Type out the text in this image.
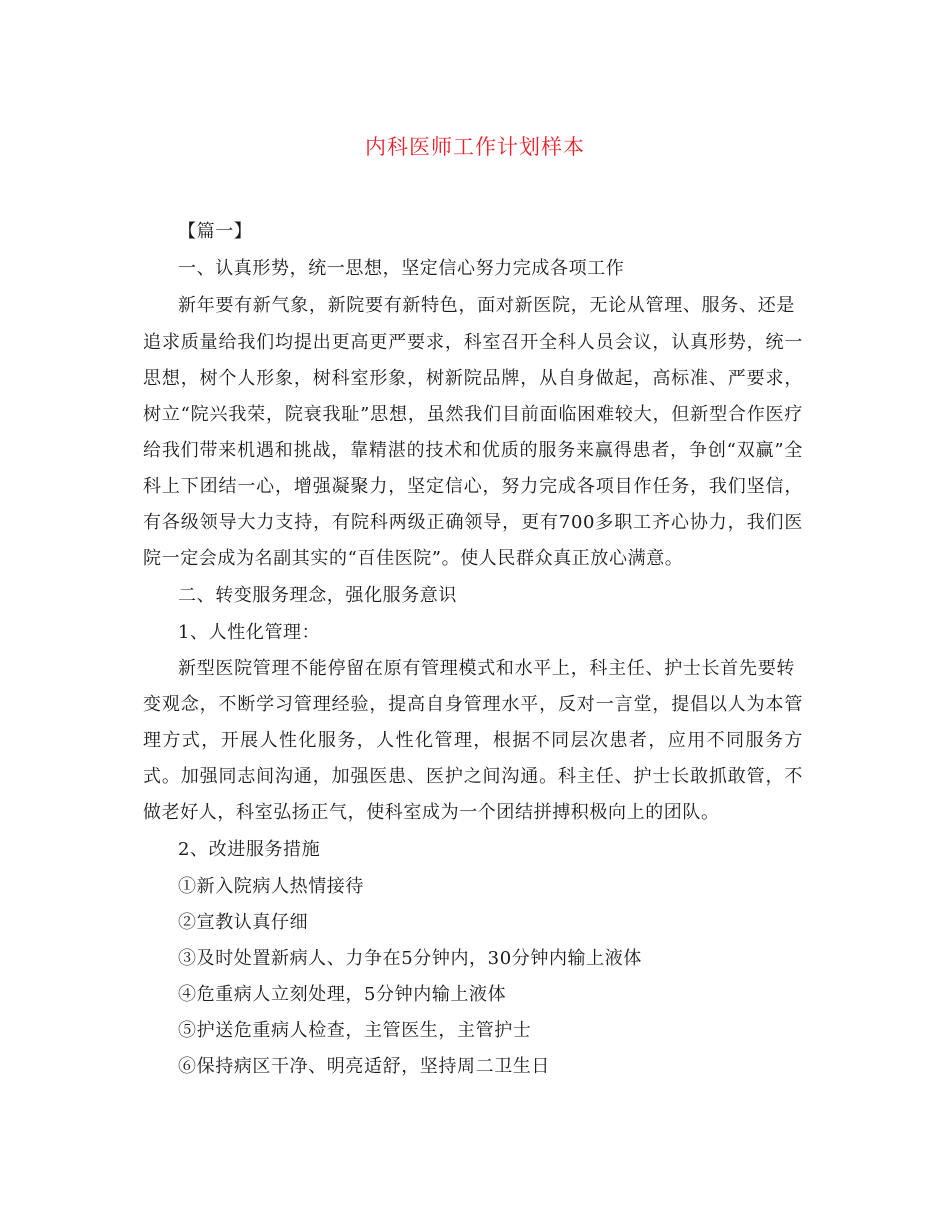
内科医师工作计划样本
【篇一】
一、认真形势，统一思想，坚定信心努力完成各项工作
新年要有新气象，新院要有新特色，面对新医院，无论从管理、服务、还是
追求质量给我们均提出更高更严要求，科室召开全科人员会议，认真形势，统一
思想，树个人形象，树科室形象，树新院品牌，从自身做起，高标准、严要求，
树立“院兴我荣，院衰我耻”思想，虽然我们目前面临困难较大，但新型合作医疗
给我们带来机遇和挑战，靠精湛的技术和优质的服务来赢得患者，争创“双赢”全
科上下团结一心，增强凝聚力，坚定信心，努力完成各项目作任务，我们坚信，
有各级领导大力支持，有院科两级正确领导，更有700多职工齐心协力，我们医
院一定会成为名副其实的“百佳医院”。使人民群众真正放心满意。
二、转变服务理念，强化服务意识
1、人性化管理：
新型医院管理不能停留在原有管理模式和水平上，科主任、护士长首先要转
变观念，不断学习管理经验，提高自身管理水平，反对一言堂，提倡以人为本管
理方式，开展人性化服务，人性化管理，根据不同层次患者，应用不同服务方
式。加强同志间沟通，加强医患、医护之间沟通。科主任、护士长敢抓敢管，不
做老好人，科室弘扬正气，使科室成为一个团结拼搏积极向上的团队。
2、改进服务措施
①新入院病人热情接待
②宣教认真仔细
③及时处置新病人、力争在5分钟内，30分钟内输上液体
④危重病人立刻处理，5分钟内输上液体
⑤护送危重病人检查，主管医生，主管护士
⑥保持病区干净、明亮适舒，坚持周二卫生日
